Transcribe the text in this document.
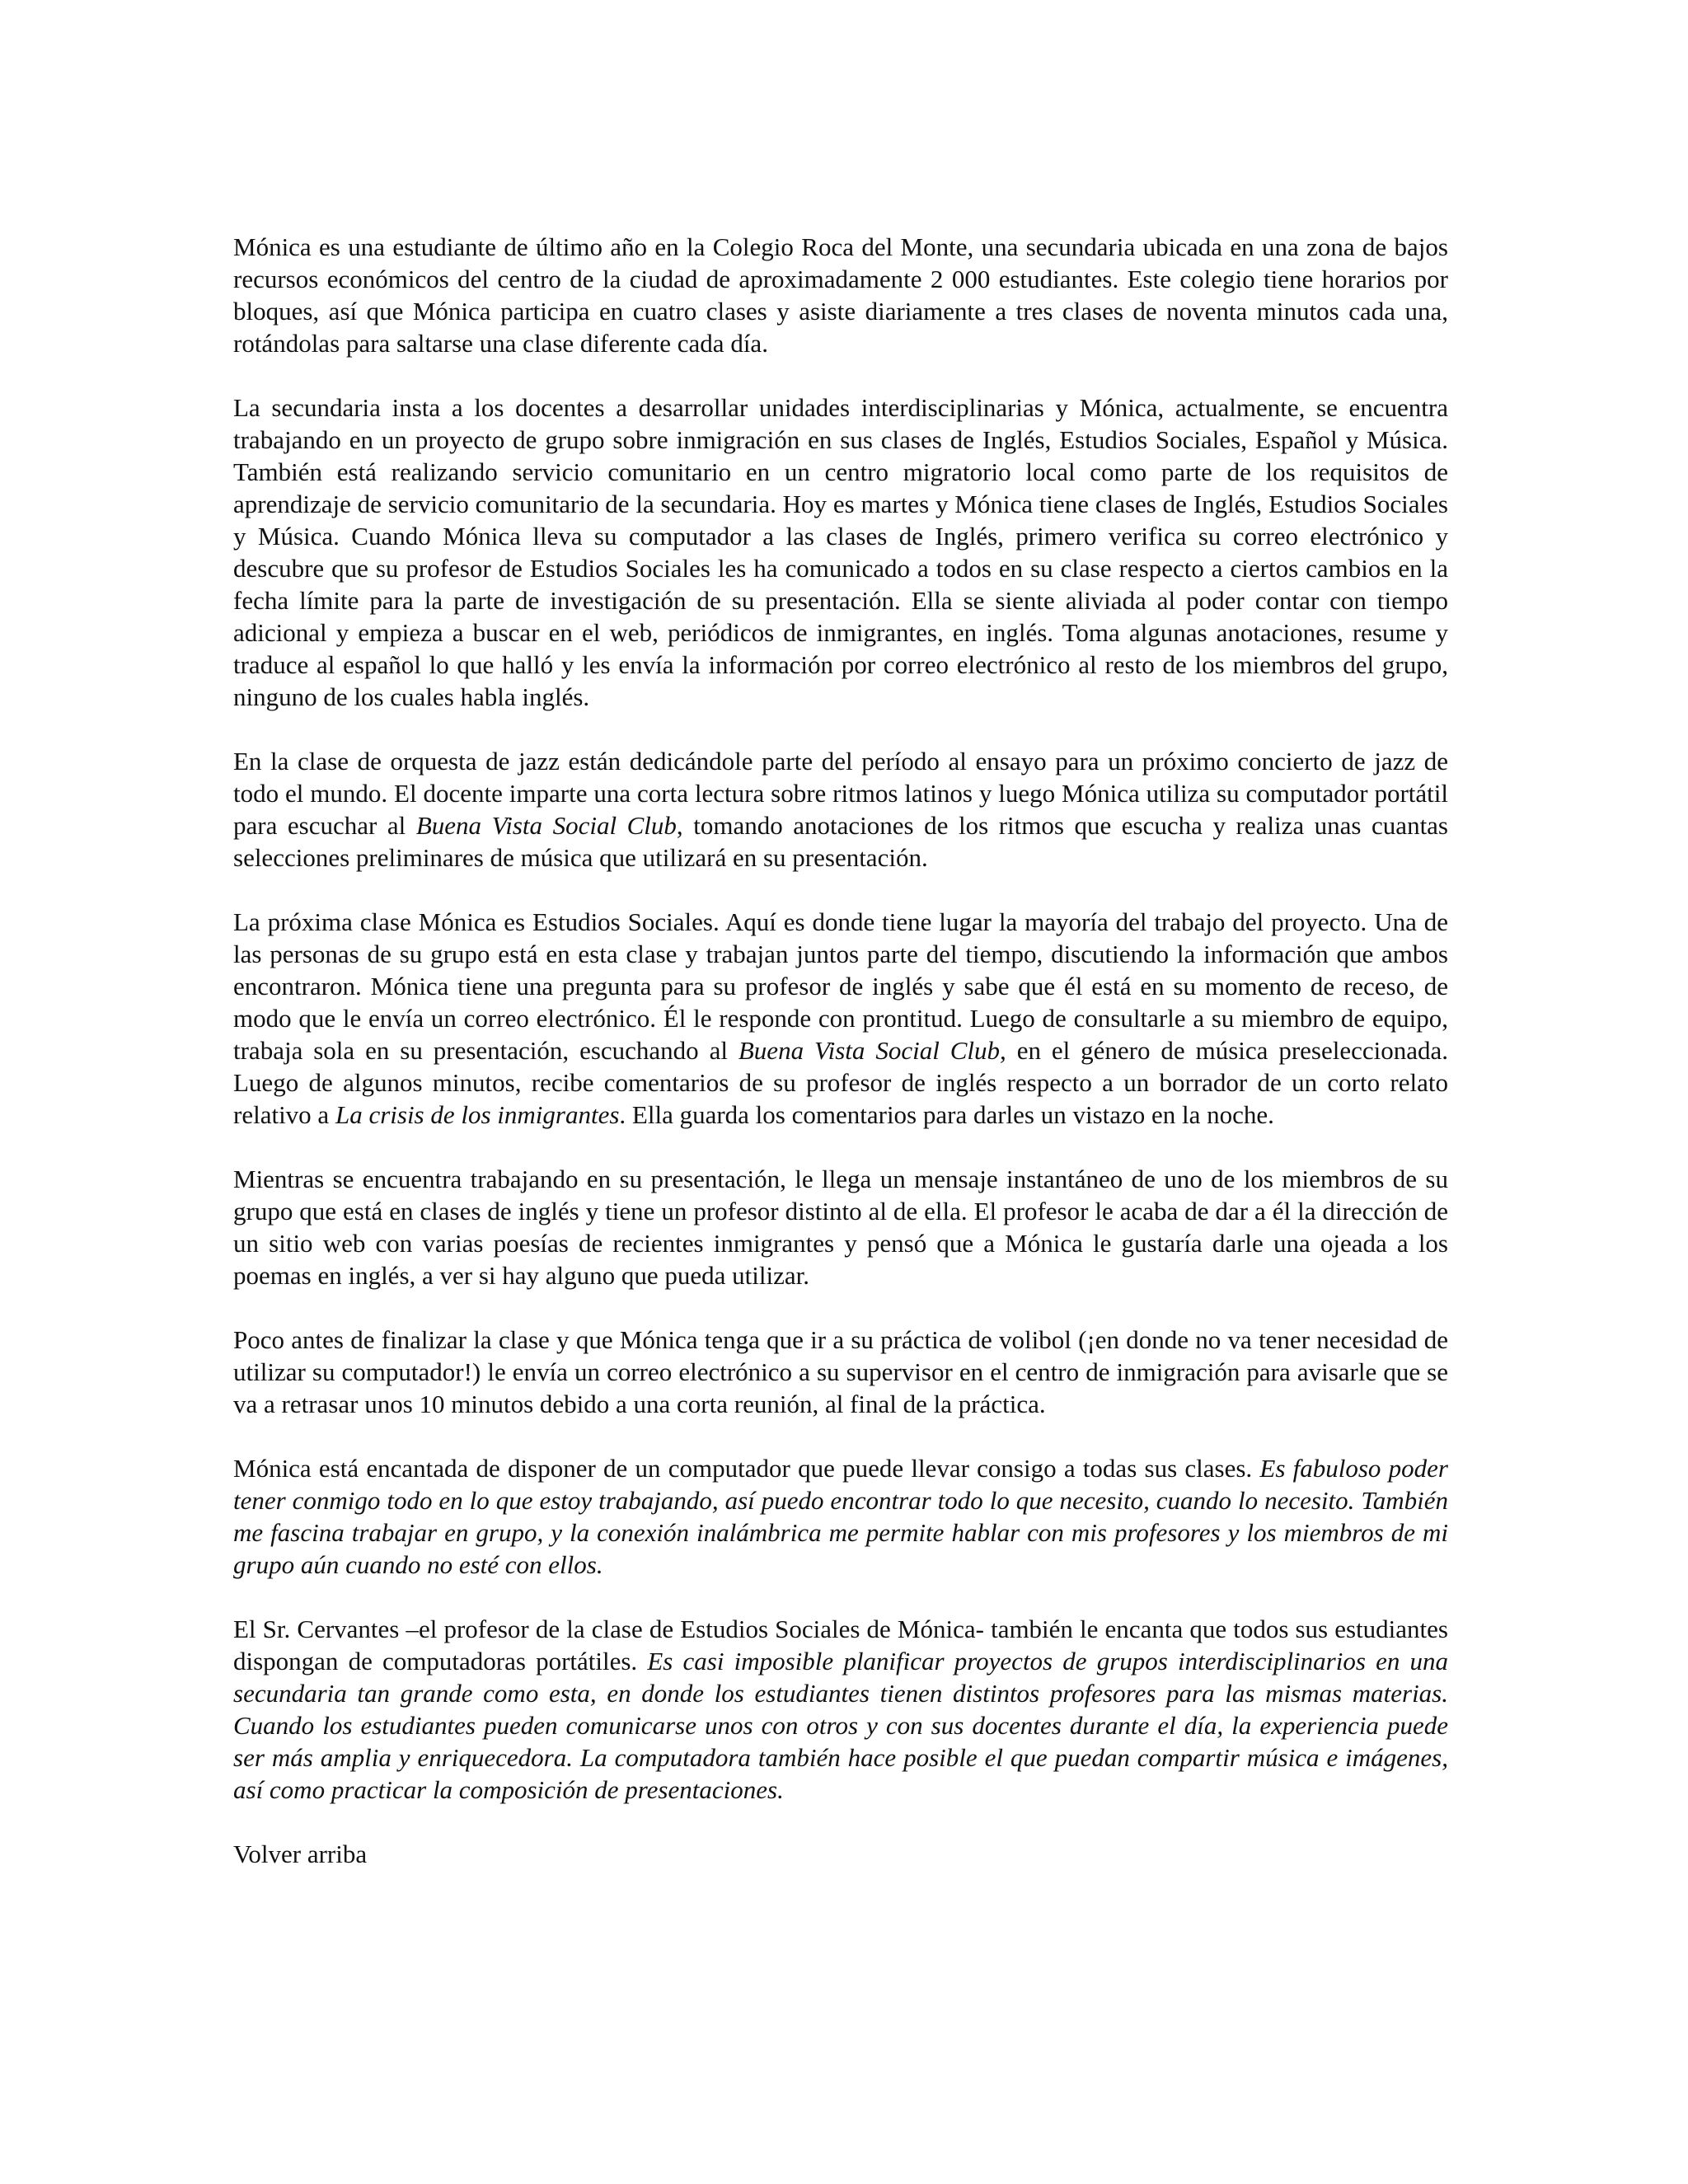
Mónica es una estudiante de último año en la Colegio Roca del Monte, una secundaria ubicada en una zona de bajos recursos económicos del centro de la ciudad de aproximadamente 2 000 estudiantes. Este colegio tiene horarios por bloques, así que Mónica participa en cuatro clases y asiste diariamente a tres clases de noventa minutos cada una, rotándolas para saltarse una clase diferente cada día.

La secundaria insta a los docentes a desarrollar unidades interdisciplinarias y Mónica, actualmente, se encuentra trabajando en un proyecto de grupo sobre inmigración en sus clases de Inglés, Estudios Sociales, Español y Música. También está realizando servicio comunitario en un centro migratorio local como parte de los requisitos de aprendizaje de servicio comunitario de la secundaria. Hoy es martes y Mónica tiene clases de Inglés, Estudios Sociales y Música. Cuando Mónica lleva su computador a las clases de Inglés, primero verifica su correo electrónico y descubre que su profesor de Estudios Sociales les ha comunicado a todos en su clase respecto a ciertos cambios en la fecha límite para la parte de investigación de su presentación. Ella se siente aliviada al poder contar con tiempo adicional y empieza a buscar en el web, periódicos de inmigrantes, en inglés. Toma algunas anotaciones, resume y traduce al español lo que halló y les envía la información por correo electrónico al resto de los miembros del grupo, ninguno de los cuales habla inglés.

En la clase de orquesta de jazz están dedicándole parte del período al ensayo para un próximo concierto de jazz de todo el mundo. El docente imparte una corta lectura sobre ritmos latinos y luego Mónica utiliza su computador portátil para escuchar al Buena Vista Social Club, tomando anotaciones de los ritmos que escucha y realiza unas cuantas selecciones preliminares de música que utilizará en su presentación.

La próxima clase Mónica es Estudios Sociales. Aquí es donde tiene lugar la mayoría del trabajo del proyecto. Una de las personas de su grupo está en esta clase y trabajan juntos parte del tiempo, discutiendo la información que ambos encontraron. Mónica tiene una pregunta para su profesor de inglés y sabe que él está en su momento de receso, de modo que le envía un correo electrónico. Él le responde con prontitud. Luego de consultarle a su miembro de equipo, trabaja sola en su presentación, escuchando al Buena Vista Social Club, en el género de música preseleccionada. Luego de algunos minutos, recibe comentarios de su profesor de inglés respecto a un borrador de un corto relato relativo a La crisis de los inmigrantes. Ella guarda los comentarios para darles un vistazo en la noche.

Mientras se encuentra trabajando en su presentación, le llega un mensaje instantáneo de uno de los miembros de su grupo que está en clases de inglés y tiene un profesor distinto al de ella. El profesor le acaba de dar a él la dirección de un sitio web con varias poesías de recientes inmigrantes y pensó que a Mónica le gustaría darle una ojeada a los poemas en inglés, a ver si hay alguno que pueda utilizar.

Poco antes de finalizar la clase y que Mónica tenga que ir a su práctica de volibol (¡en donde no va tener necesidad de utilizar su computador!) le envía un correo electrónico a su supervisor en el centro de inmigración para avisarle que se va a retrasar unos 10 minutos debido a una corta reunión, al final de la práctica.

Mónica está encantada de disponer de un computador que puede llevar consigo a todas sus clases. Es fabuloso poder tener conmigo todo en lo que estoy trabajando, así puedo encontrar todo lo que necesito, cuando lo necesito. También me fascina trabajar en grupo, y la conexión inalámbrica me permite hablar con mis profesores y los miembros de mi grupo aún cuando no esté con ellos.

El Sr. Cervantes –el profesor de la clase de Estudios Sociales de Mónica- también le encanta que todos sus estudiantes dispongan de computadoras portátiles. Es casi imposible planificar proyectos de grupos interdisciplinarios en una secundaria tan grande como esta, en donde los estudiantes tienen distintos profesores para las mismas materias. Cuando los estudiantes pueden comunicarse unos con otros y con sus docentes durante el día, la experiencia puede ser más amplia y enriquecedora. La computadora también hace posible el que puedan compartir música e imágenes, así como practicar la composición de presentaciones.

Volver arriba
